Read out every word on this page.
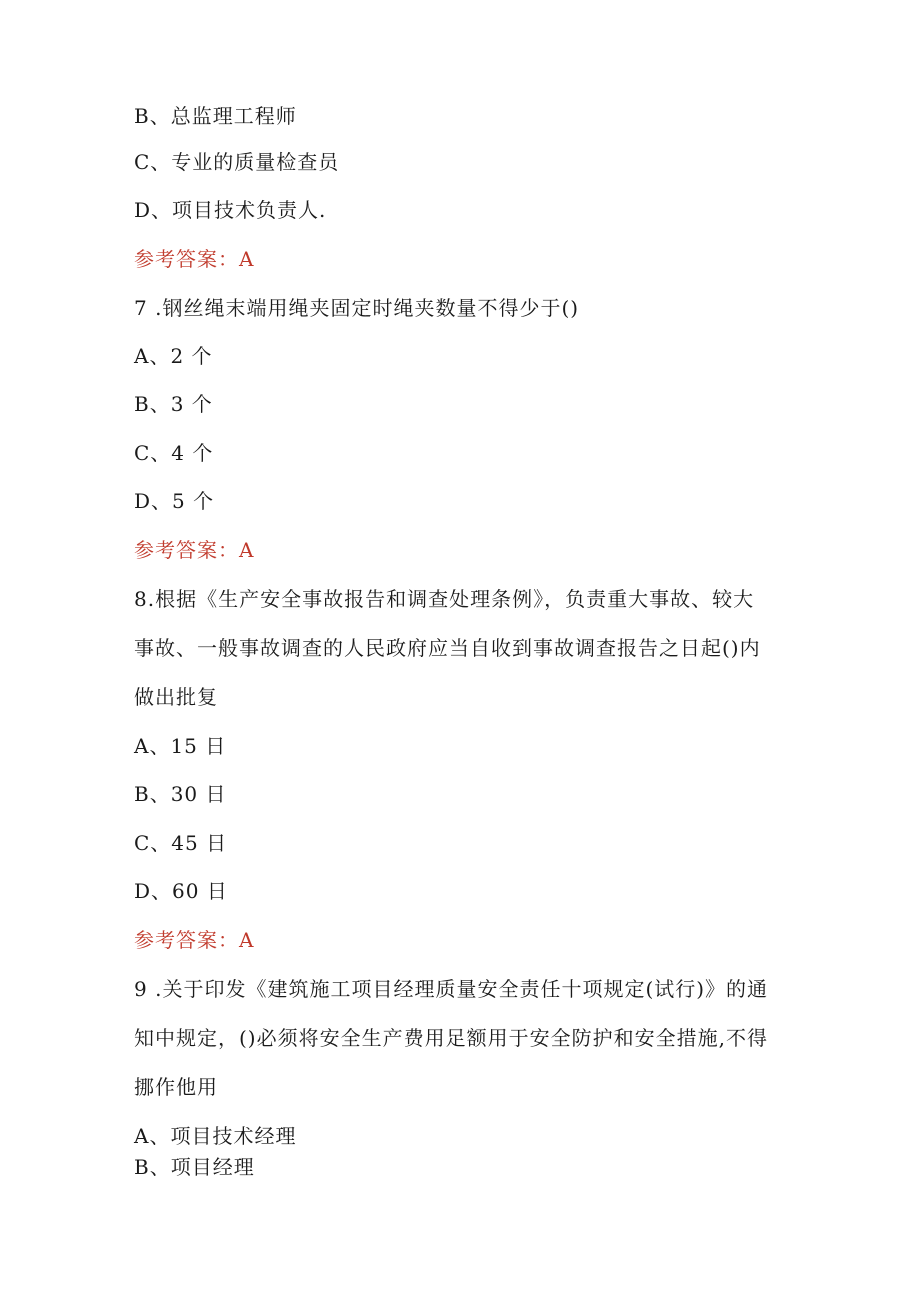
B、总监理工程师
C、专业的质量检查员
D、项目技术负责人.
参考答案：A
7 .钢丝绳末端用绳夹固定时绳夹数量不得少于()
A、2 个
B、3 个
C、4 个
D、5 个
参考答案：A
8.根据《生产安全事故报告和调查处理条例》，负责重大事故、较大
事故、一般事故调查的人民政府应当自收到事故调查报告之日起()内
做出批复
A、15 日
B、30 日
C、45 日
D、60 日
参考答案：A
9 .关于印发《建筑施工项目经理质量安全责任十项规定(试行)》的通
知中规定，()必须将安全生产费用足额用于安全防护和安全措施,不得
挪作他用
A、项目技术经理
B、项目经理
